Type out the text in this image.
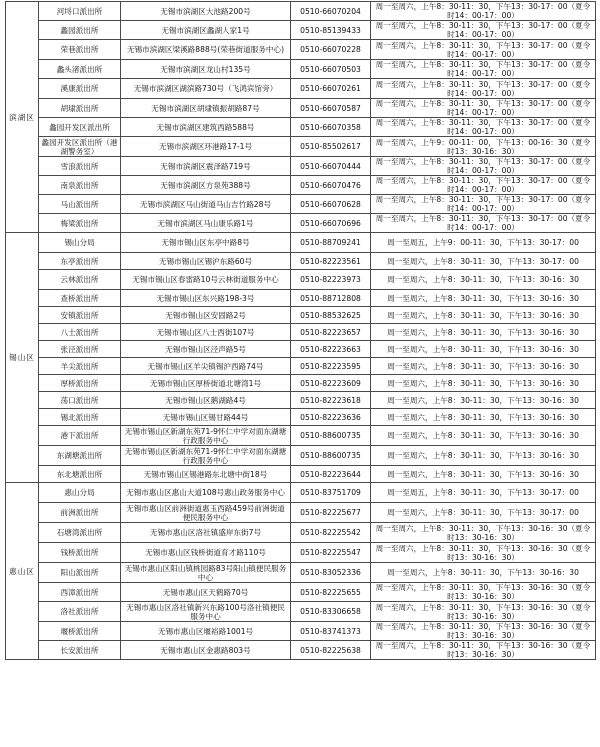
滨湖区	河埒口派出所	无锡市滨湖区大池路200号	0510-66070204	周一至周六，上午8：30-11：30，下午13：30-17：00（夏令时14：00-17：00）
	蠡园派出所	无锡市滨湖区蠡湖人家1号	0510-85139433	周一至周六，上午8：30-11：30，下午13：30-17：00（夏令时14：00-17：00）
	荣巷派出所	无锡市滨湖区梁溪路888号(荣巷街道服务中心)	0510-66070228	周一至周六，上午8：30-11：30，下午13：30-17：00（夏令时14：00-17：00）
	蠡头渚派出所	无锡市滨湖区龙山村135号	0510-66070503	周一至周六，上午8：30-11：30，下午13：30-17：00（夏令时14：00-17：00）
	溪康派出所	无锡市滨湖区湖滨路730号（飞鸿宾馆旁）	0510-66070261	周一至周六，上午8：30-11：30，下午13：30-17：00（夏令时14：00-17：00）
	胡埭派出所	无锡市滨湖区胡埭镇振胡路87号	0510-66070587	周一至周六，上午8：30-11：30，下午13：30-17：00（夏令时14：00-17：00）
	蠡园开发区派出所	无锡市滨湖区建筑西路588号	0510-66070358	周一至周六，上午8：30-11：30，下午13：30-17：00（夏令时14：00-17：00）
	蠡园开发区派出所（港湖警务室）	无锡市滨湖区环港路17-1号	0510-85502617	周一至周六，上午9：00-11：00，下午13：00-16：30（夏令时13：30-16：30）
	雪浪派出所	无锡市滨湖区震泽路719号	0510-66070444	周一至周六，上午8：30-11：30，下午13：30-17：00（夏令时14：00-17：00）
	南泉派出所	无锡市滨湖区方泉苑388号	0510-66070476	周一至周六，上午8：30-11：30，下午13：30-17：00（夏令时14：00-17：00）
	马山派出所	无锡市滨湖区马山街道马山吉竹路28号	0510-66070628	周一至周六，上午8：30-11：30，下午13：30-17：00（夏令时14：00-17：00）
	梅梁派出所	无锡市滨湖区马山康乐路1号	0510-66070696	周一至周六，上午8：30-11：30，下午13：30-17：00（夏令时14：00-17：00）
锡山区	锡山分局	无锡市锡山区东亭中路8号	0510-88709241	周一至周五，上午9：00-11：30，下午13：30-17：00
	东亭派出所	无锡市锡山区锡沪东路60号	0510-82223561	周一至周六，上午8：30-11：30，下午13：30-17：00
	云林派出所	无锡市锡山区春雷路10号云林街道服务中心	0510-82223973	周一至周六，上午8：30-11：30，下午13：30-16：30
	查桥派出所	无锡市锡山区东兴路198-3号	0510-88712808	周一至周六，上午8：30-11：30，下午13：30-16：30
	安镇派出所	无锡市锡山区安固路2号	0510-88532625	周一至周六，上午8：30-11：30，下午13：30-16：30
	八士派出所	无锡市锡山区八士西街107号	0510-82223657	周一至周六，上午8：30-11：30，下午13：30-16：30
	张泾派出所	无锡市锡山区泾声路5号	0510-82223663	周一至周六，上午8：30-11：30，下午13：30-16：30
	羊尖派出所	无锡市锡山区羊尖镇锡沪西路74号	0510-82223595	周一至周六，上午8：30-11：30，下午13：30-16：30
	厚桥派出所	无锡市锡山区厚桥街道北塘湾1号	0510-82223609	周一至周六，上午8：30-11：30，下午13：30-16：30
	荡口派出所	无锡市锡山区鹅湖路4号	0510-82223618	周一至周六，上午8：30-11：30，下午13：30-16：30
	锡北派出所	无锡市锡山区锡甘路44号	0510-82223636	周一至周六，上午8：30-11：30，下午13：30-16：30
	港下派出所	无锡市锡山区新湖东苑71-9怀仁中学对面东湖塘行政服务中心	0510-88600735	周一至周六，上午8：30-11：30，下午13：30-16：30
	东湖塘派出所	无锡市锡山区新湖东苑71-9怀仁中学对面东湖塘行政服务中心	0510-88600735	周一至周六，上午8：30-11：30，下午13：30-16：30
	东北塘派出所	无锡市锡山区锡港路东北塘中街18号	0510-82223644	周一至周六，上午8：30-11：30，下午13：30-16：30
惠山区	惠山分局	无锡市惠山区惠山大道108号惠山政务服务中心	0510-83751709	周一至周五，上午8：30-11：30，下午13：30-17：00
	前洲派出所	无锡市惠山区前洲街道惠玉西路459号前洲街道便民服务中心	0510-82225677	周一至周六，上午8：30-11：30，下午13：30-17：00
	石塘湾派出所	无锡市惠山区洛社镇盛岸东街7号	0510-82225542	周一至周六，上午8：30-11：30，下午13：30-16：30（夏令时13：30-16：30）
	钱桥派出所	无锡市惠山区钱桥街道育才路110号	0510-82225547	周一至周六，上午8：30-11：30，下午13：30-16：30（夏令时13：30-16：30）
	阳山派出所	无锡市惠山区阳山镇桃园路83号阳山镇便民服务中心	0510-83052336	周一至周六，上午8：30-11：30，下午13：30-16：30
	西漳派出所	无锡市惠山区天鹤路70号	0510-82225655	周一至周六，上午8：30-11：30，下午13：30-16：30（夏令时13：30-16：30）
	洛社派出所	无锡市惠山区洛社镇新兴东路100号洛社镇便民服务中心	0510-83306658	周一至周六，上午8：30-11：30，下午13：30-16：30（夏令时13：30-16：30）
	堰桥派出所	无锡市惠山区堰裕路1001号	0510-83741373	周一至周六，上午8：30-11：30，下午13：30-16：30（夏令时13：30-16：30）
	长安派出所	无锡市惠山区金惠路803号	0510-82225638	周一至周六，上午8：30-11：30，下午13：30-16：30（夏令时13：30-16：30）
